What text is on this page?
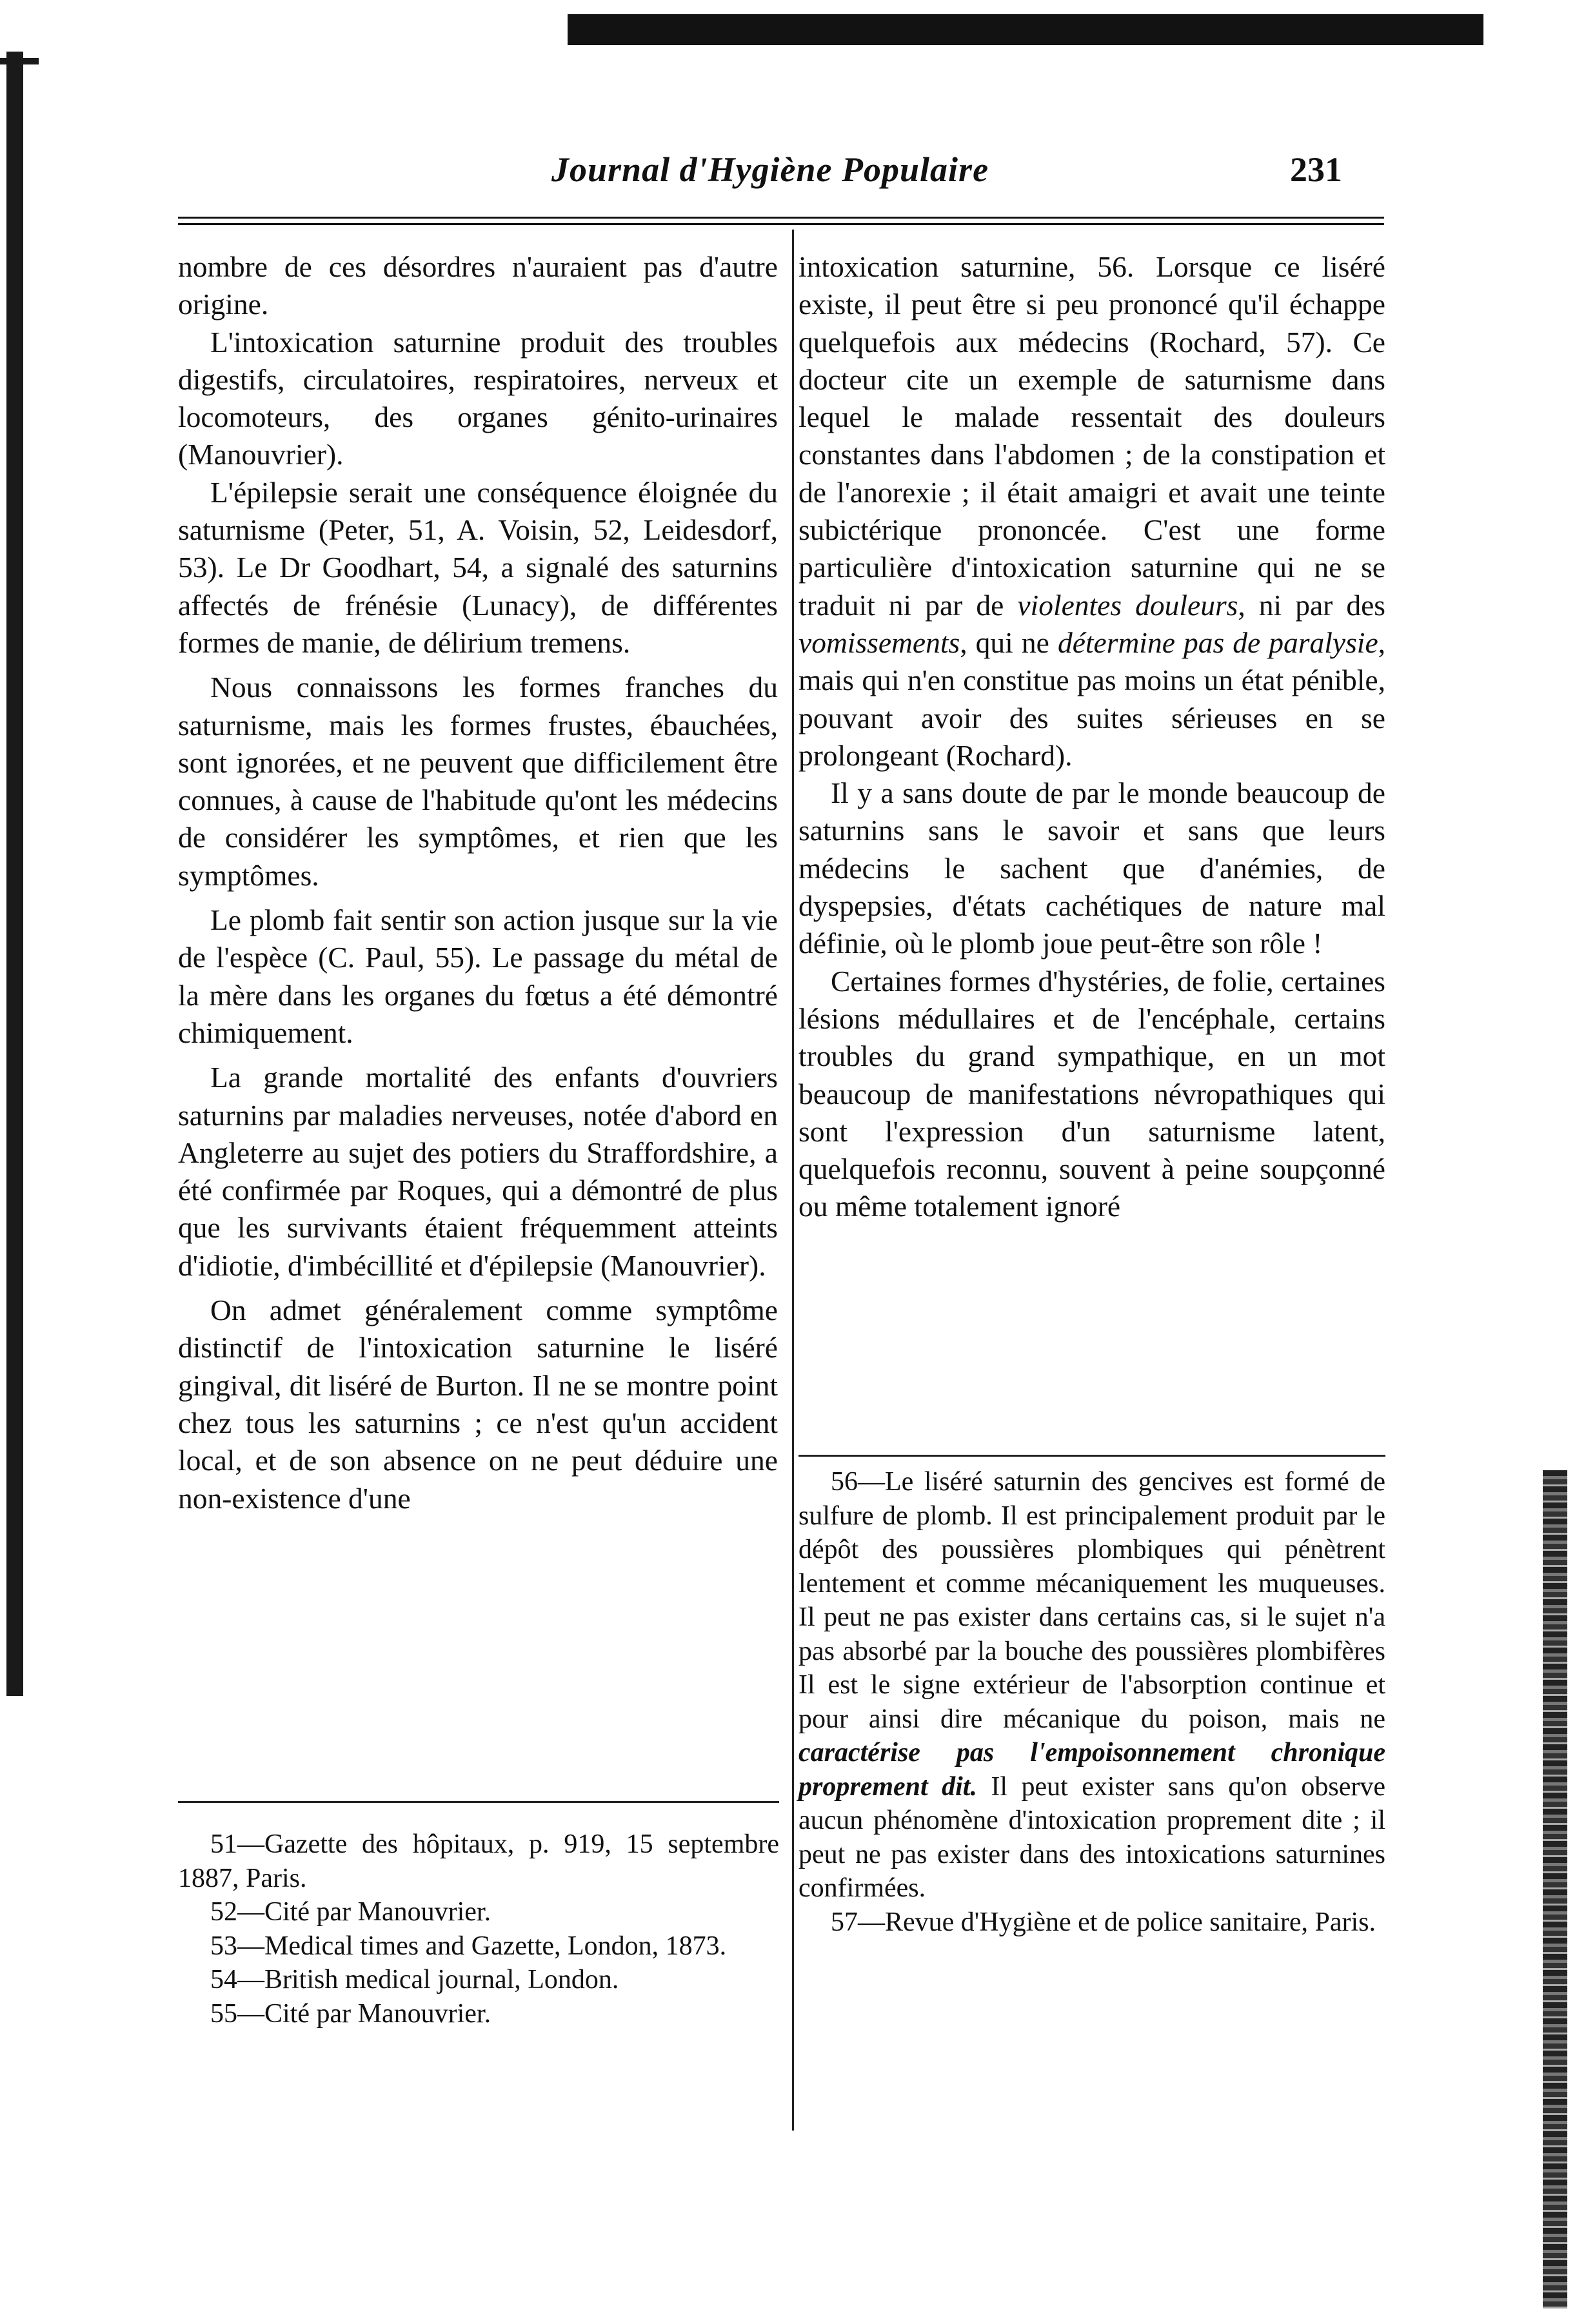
Journal d'Hygiène Populaire	231

nombre de ces désordres n'auraient pas d'autre origine.

L'intoxication saturnine produit des troubles digestifs, circulatoires, respiratoires, nerveux et locomoteurs, des organes génito-urinaires (Manouvrier).

L'épilepsie serait une conséquence éloignée du saturnisme (Peter, 51, A. Voisin, 52, Leidesdorf, 53). Le Dr Goodhart, 54, a signalé des saturnins affectés de frénésie (Lunacy), de différentes formes de manie, de délirium tremens.

Nous connaissons les formes franches du saturnisme, mais les formes frustes, ébauchées, sont ignorées, et ne peuvent que difficilement être connues, à cause de l'habitude qu'ont les médecins de considérer les symptômes, et rien que les symptômes.

Le plomb fait sentir son action jusque sur la vie de l'espèce (C. Paul, 55). Le passage du métal de la mère dans les organes du fœtus a été démontré chimiquement.

La grande mortalité des enfants d'ouvriers saturnins par maladies nerveuses, notée d'abord en Angleterre au sujet des potiers du Straffordshire, a été confirmée par Roques, qui a démontré de plus que les survivants étaient fréquemment atteints d'idiotie, d'imbécillité et d'épilepsie (Manouvrier).

On admet généralement comme symptôme distinctif de l'intoxication saturnine le liséré gingival, dit liséré de Burton. Il ne se montre point chez tous les saturnins ; ce n'est qu'un accident local, et de son absence on ne peut déduire une non-existence d'une

intoxication saturnine, 56. Lorsque ce liséré existe, il peut être si peu prononcé qu'il échappe quelquefois aux médecins (Rochard, 57). Ce docteur cite un exemple de saturnisme dans lequel le malade ressentait des douleurs constantes dans l'abdomen ; de la constipation et de l'anorexie ; il était amaigri et avait une teinte subictérique prononcée. C'est une forme particulière d'intoxication saturnine qui ne se traduit ni par de violentes douleurs, ni par des vomissements, qui ne détermine pas de paralysie, mais qui n'en constitue pas moins un état pénible, pouvant avoir des suites sérieuses en se prolongeant (Rochard).

Il y a sans doute de par le monde beaucoup de saturnins sans le savoir et sans que leurs médecins le sachent que d'anémies, de dyspepsies, d'états cachétiques de nature mal définie, où le plomb joue peut-être son rôle !

Certaines formes d'hystéries, de folie, certaines lésions médullaires et de l'encéphale, certains troubles du grand sympathique, en un mot beaucoup de manifestations névropathiques qui sont l'expression d'un saturnisme latent, quelquefois reconnu, souvent à peine soupçonné ou même totalement ignoré

51—Gazette des hôpitaux, p. 919, 15 septembre 1887, Paris.

52—Cité par Manouvrier.

53—Medical times and Gazette, London, 1873.

54—British medical journal, London.

55—Cité par Manouvrier.

56—Le liséré saturnin des gencives est formé de sulfure de plomb. Il est principalement produit par le dépôt des poussières plombiques qui pénètrent lentement et comme mécaniquement les muqueuses. Il peut ne pas exister dans certains cas, si le sujet n'a pas absorbé par la bouche des poussières plombifères Il est le signe extérieur de l'absorption continue et pour ainsi dire mécanique du poison, mais ne caractérise pas l'empoisonnement chronique proprement dit. Il peut exister sans qu'on observe aucun phénomène d'intoxication proprement dite ; il peut ne pas exister dans des intoxications saturnines confirmées.

57—Revue d'Hygiène et de police sanitaire, Paris.
